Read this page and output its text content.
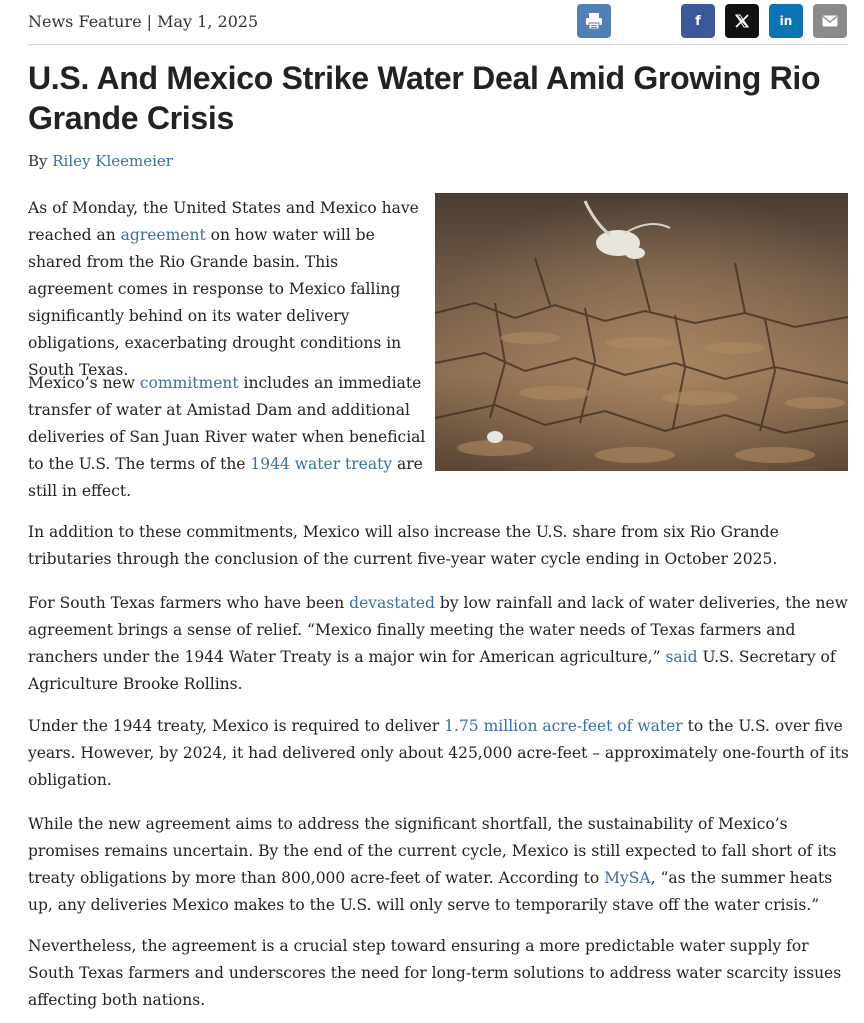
News Feature | May 1, 2025	f	in
U.S. And Mexico Strike Water Deal Amid Growing Rio Grande Crisis
By Riley Kleemeier

As of Monday, the United States and Mexico have reached an agreement on how water will be shared from the Rio Grande basin. This agreement comes in response to Mexico falling significantly behind on its water delivery obligations, exacerbating drought conditions in South Texas.

Mexico’s new commitment includes an immediate transfer of water at Amistad Dam and additional deliveries of San Juan River water when beneficial to the U.S. The terms of the 1944 water treaty are still in effect.

In addition to these commitments, Mexico will also increase the U.S. share from six Rio Grande tributaries through the conclusion of the current five-year water cycle ending in October 2025.

For South Texas farmers who have been devastated by low rainfall and lack of water deliveries, the new agreement brings a sense of relief. “Mexico finally meeting the water needs of Texas farmers and ranchers under the 1944 Water Treaty is a major win for American agriculture,” said U.S. Secretary of Agriculture Brooke Rollins.

Under the 1944 treaty, Mexico is required to deliver 1.75 million acre-feet of water to the U.S. over five years. However, by 2024, it had delivered only about 425,000 acre-feet – approximately one-fourth of its obligation.

While the new agreement aims to address the significant shortfall, the sustainability of Mexico’s promises remains uncertain. By the end of the current cycle, Mexico is still expected to fall short of its treaty obligations by more than 800,000 acre-feet of water. According to MySA, “as the summer heats up, any deliveries Mexico makes to the U.S. will only serve to temporarily stave off the water crisis.”

Nevertheless, the agreement is a crucial step toward ensuring a more predictable water supply for South Texas farmers and underscores the need for long-term solutions to address water scarcity issues affecting both nations.
